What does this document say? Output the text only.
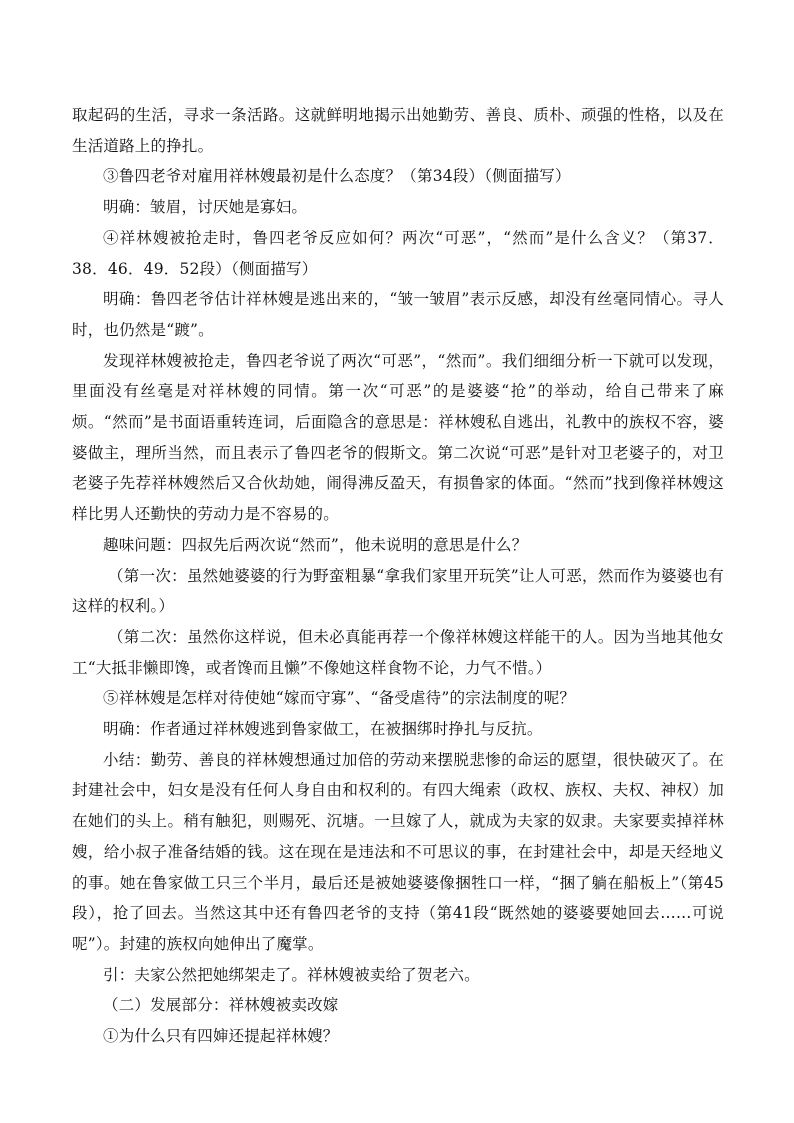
取起码的生活，寻求一条活路。这就鲜明地揭示出她勤劳、善良、质朴、顽强的性格，以及在生活道路上的挣扎。

③鲁四老爷对雇用祥林嫂最初是什么态度？（第34段）（侧面描写）

明确：皱眉，讨厌她是寡妇。

④祥林嫂被抢走时，鲁四老爷反应如何？两次“可恶”，“然而”是什么含义？（第37．38．46．49．52段）（侧面描写）

明确：鲁四老爷估计祥林嫂是逃出来的，“皱一皱眉”表示反感，却没有丝毫同情心。寻人时，也仍然是“踱”。

发现祥林嫂被抢走，鲁四老爷说了两次“可恶”，“然而”。我们细细分析一下就可以发现，里面没有丝毫是对祥林嫂的同情。第一次“可恶”的是婆婆“抢”的举动，给自己带来了麻烦。“然而”是书面语重转连词，后面隐含的意思是：祥林嫂私自逃出，礼教中的族权不容，婆婆做主，理所当然，而且表示了鲁四老爷的假斯文。第二次说“可恶”是针对卫老婆子的，对卫老婆子先荐祥林嫂然后又合伙劫她，闹得沸反盈天，有损鲁家的体面。“然而”找到像祥林嫂这样比男人还勤快的劳动力是不容易的。

趣味问题：四叔先后两次说“然而”，他未说明的意思是什么？

（第一次：虽然她婆婆的行为野蛮粗暴“拿我们家里开玩笑”让人可恶，然而作为婆婆也有这样的权利。）

（第二次：虽然你这样说，但未必真能再荐一个像祥林嫂这样能干的人。因为当地其他女工“大抵非懒即馋，或者馋而且懒”不像她这样食物不论，力气不惜。）

⑤祥林嫂是怎样对待使她“嫁而守寡”、“备受虐待”的宗法制度的呢？

明确：作者通过祥林嫂逃到鲁家做工，在被捆绑时挣扎与反抗。

小结：勤劳、善良的祥林嫂想通过加倍的劳动来摆脱悲惨的命运的愿望，很快破灭了。在封建社会中，妇女是没有任何人身自由和权利的。有四大绳索（政权、族权、夫权、神权）加在她们的头上。稍有触犯，则赐死、沉塘。一旦嫁了人，就成为夫家的奴隶。夫家要卖掉祥林嫂，给小叔子准备结婚的钱。这在现在是违法和不可思议的事，在封建社会中，却是天经地义的事。她在鲁家做工只三个半月，最后还是被她婆婆像捆牲口一样，“捆了躺在船板上”（第45段），抢了回去。当然这其中还有鲁四老爷的支持（第41段“既然她的婆婆要她回去……可说呢”）。封建的族权向她伸出了魔掌。

引：夫家公然把她绑架走了。祥林嫂被卖给了贺老六。

（二）发展部分：祥林嫂被卖改嫁

①为什么只有四婶还提起祥林嫂？
